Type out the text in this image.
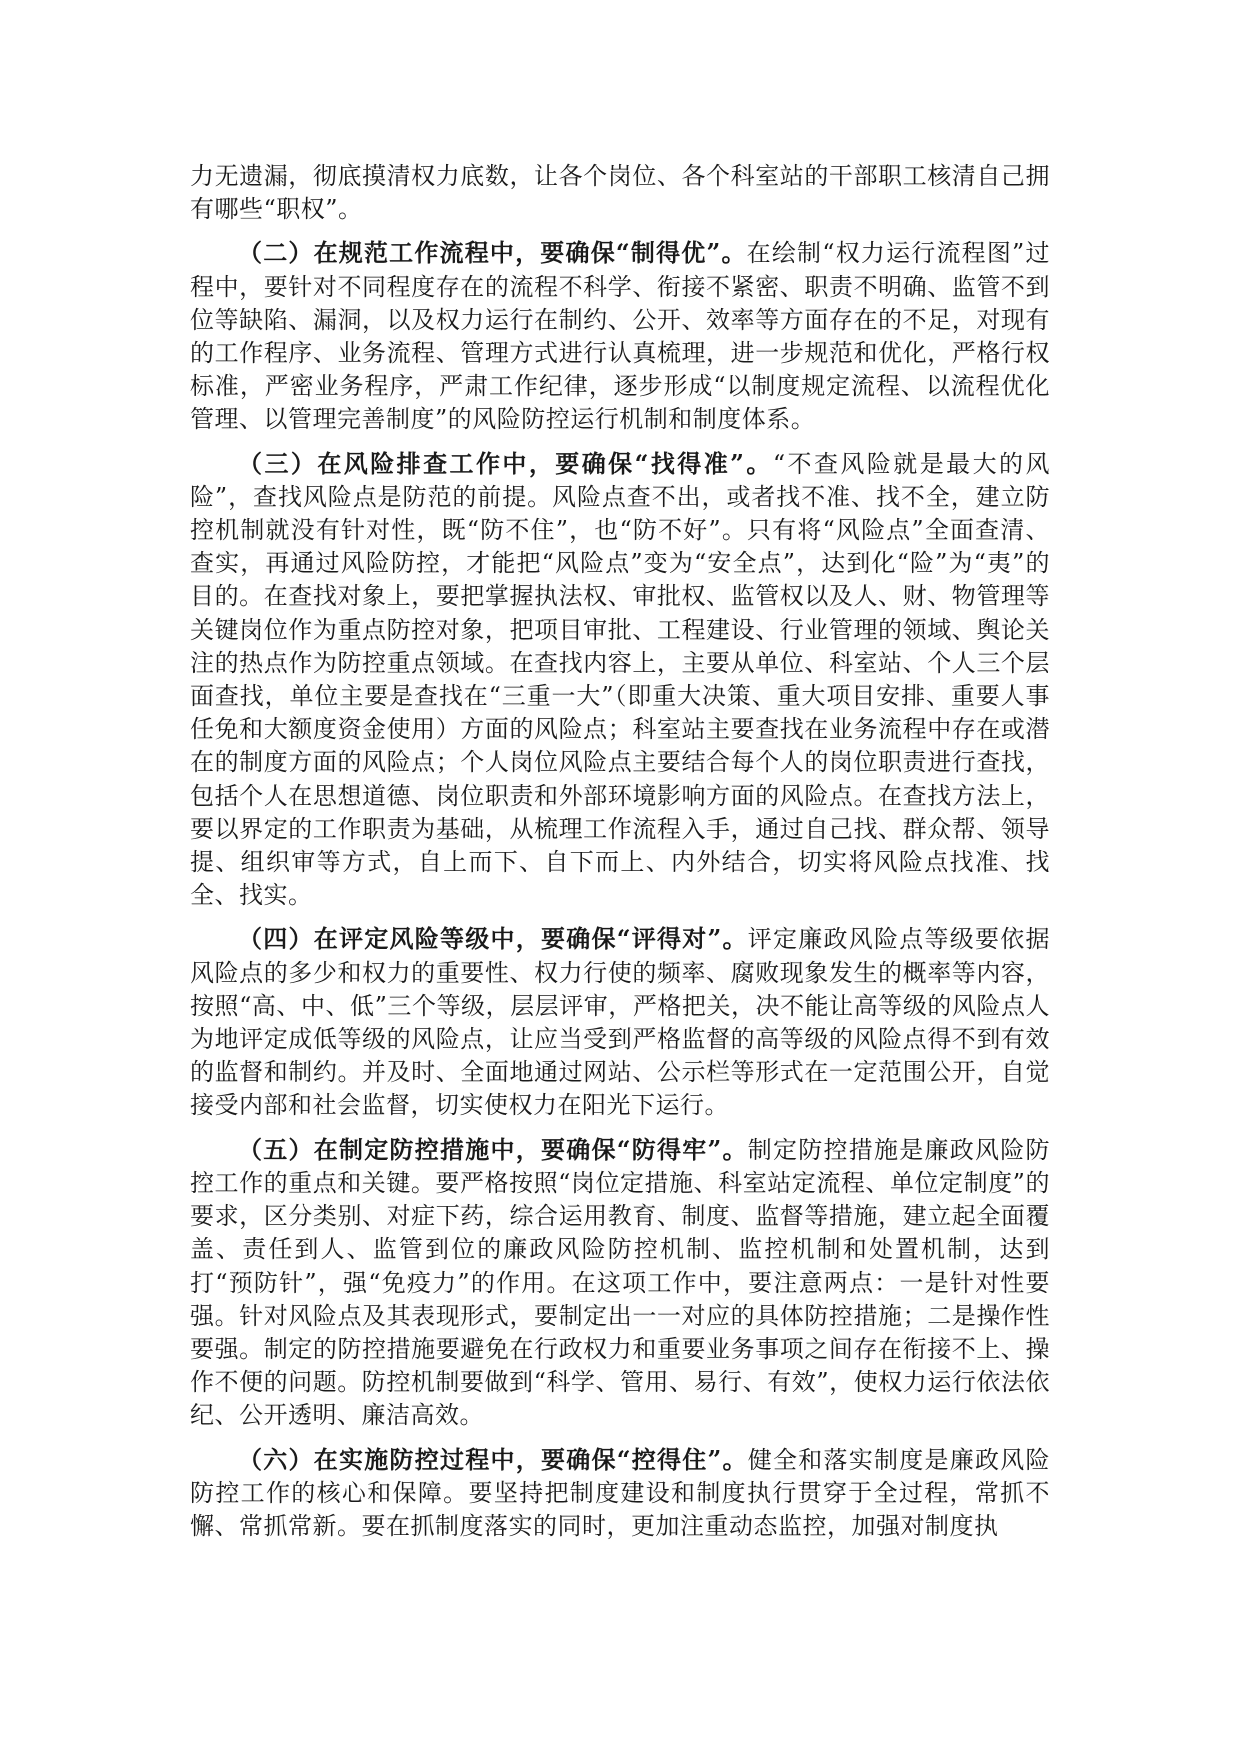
力无遗漏，彻底摸清权力底数，让各个岗位、各个科室站的干部职工核清自己拥有哪些“职权”。

（二）在规范工作流程中，要确保“制得优”。在绘制“权力运行流程图”过程中，要针对不同程度存在的流程不科学、衔接不紧密、职责不明确、监管不到位等缺陷、漏洞，以及权力运行在制约、公开、效率等方面存在的不足，对现有的工作程序、业务流程、管理方式进行认真梳理，进一步规范和优化，严格行权标准，严密业务程序，严肃工作纪律，逐步形成“以制度规定流程、以流程优化管理、以管理完善制度”的风险防控运行机制和制度体系。

（三）在风险排查工作中，要确保“找得准”。“不查风险就是最大的风险”，查找风险点是防范的前提。风险点查不出，或者找不准、找不全，建立防控机制就没有针对性，既“防不住”，也“防不好”。只有将“风险点”全面查清、查实，再通过风险防控，才能把“风险点”变为“安全点”，达到化“险”为“夷”的目的。在查找对象上，要把掌握执法权、审批权、监管权以及人、财、物管理等关键岗位作为重点防控对象，把项目审批、工程建设、行业管理的领域、舆论关注的热点作为防控重点领域。在查找内容上，主要从单位、科室站、个人三个层面查找，单位主要是查找在“三重一大”（即重大决策、重大项目安排、重要人事任免和大额度资金使用）方面的风险点；科室站主要查找在业务流程中存在或潜在的制度方面的风险点；个人岗位风险点主要结合每个人的岗位职责进行查找，包括个人在思想道德、岗位职责和外部环境影响方面的风险点。在查找方法上，要以界定的工作职责为基础，从梳理工作流程入手，通过自己找、群众帮、领导提、组织审等方式，自上而下、自下而上、内外结合，切实将风险点找准、找全、找实。

（四）在评定风险等级中，要确保“评得对”。评定廉政风险点等级要依据风险点的多少和权力的重要性、权力行使的频率、腐败现象发生的概率等内容，按照“高、中、低”三个等级，层层评审，严格把关，决不能让高等级的风险点人为地评定成低等级的风险点，让应当受到严格监督的高等级的风险点得不到有效的监督和制约。并及时、全面地通过网站、公示栏等形式在一定范围公开，自觉接受内部和社会监督，切实使权力在阳光下运行。

（五）在制定防控措施中，要确保“防得牢”。制定防控措施是廉政风险防控工作的重点和关键。要严格按照“岗位定措施、科室站定流程、单位定制度”的要求，区分类别、对症下药，综合运用教育、制度、监督等措施，建立起全面覆盖、责任到人、监管到位的廉政风险防控机制、监控机制和处置机制，达到打“预防针”，强“免疫力”的作用。在这项工作中，要注意两点：一是针对性要强。针对风险点及其表现形式，要制定出一一对应的具体防控措施；二是操作性要强。制定的防控措施要避免在行政权力和重要业务事项之间存在衔接不上、操作不便的问题。防控机制要做到“科学、管用、易行、有效”，使权力运行依法依纪、公开透明、廉洁高效。

（六）在实施防控过程中，要确保“控得住”。健全和落实制度是廉政风险防控工作的核心和保障。要坚持把制度建设和制度执行贯穿于全过程，常抓不懈、常抓常新。要在抓制度落实的同时，更加注重动态监控，加强对制度执
